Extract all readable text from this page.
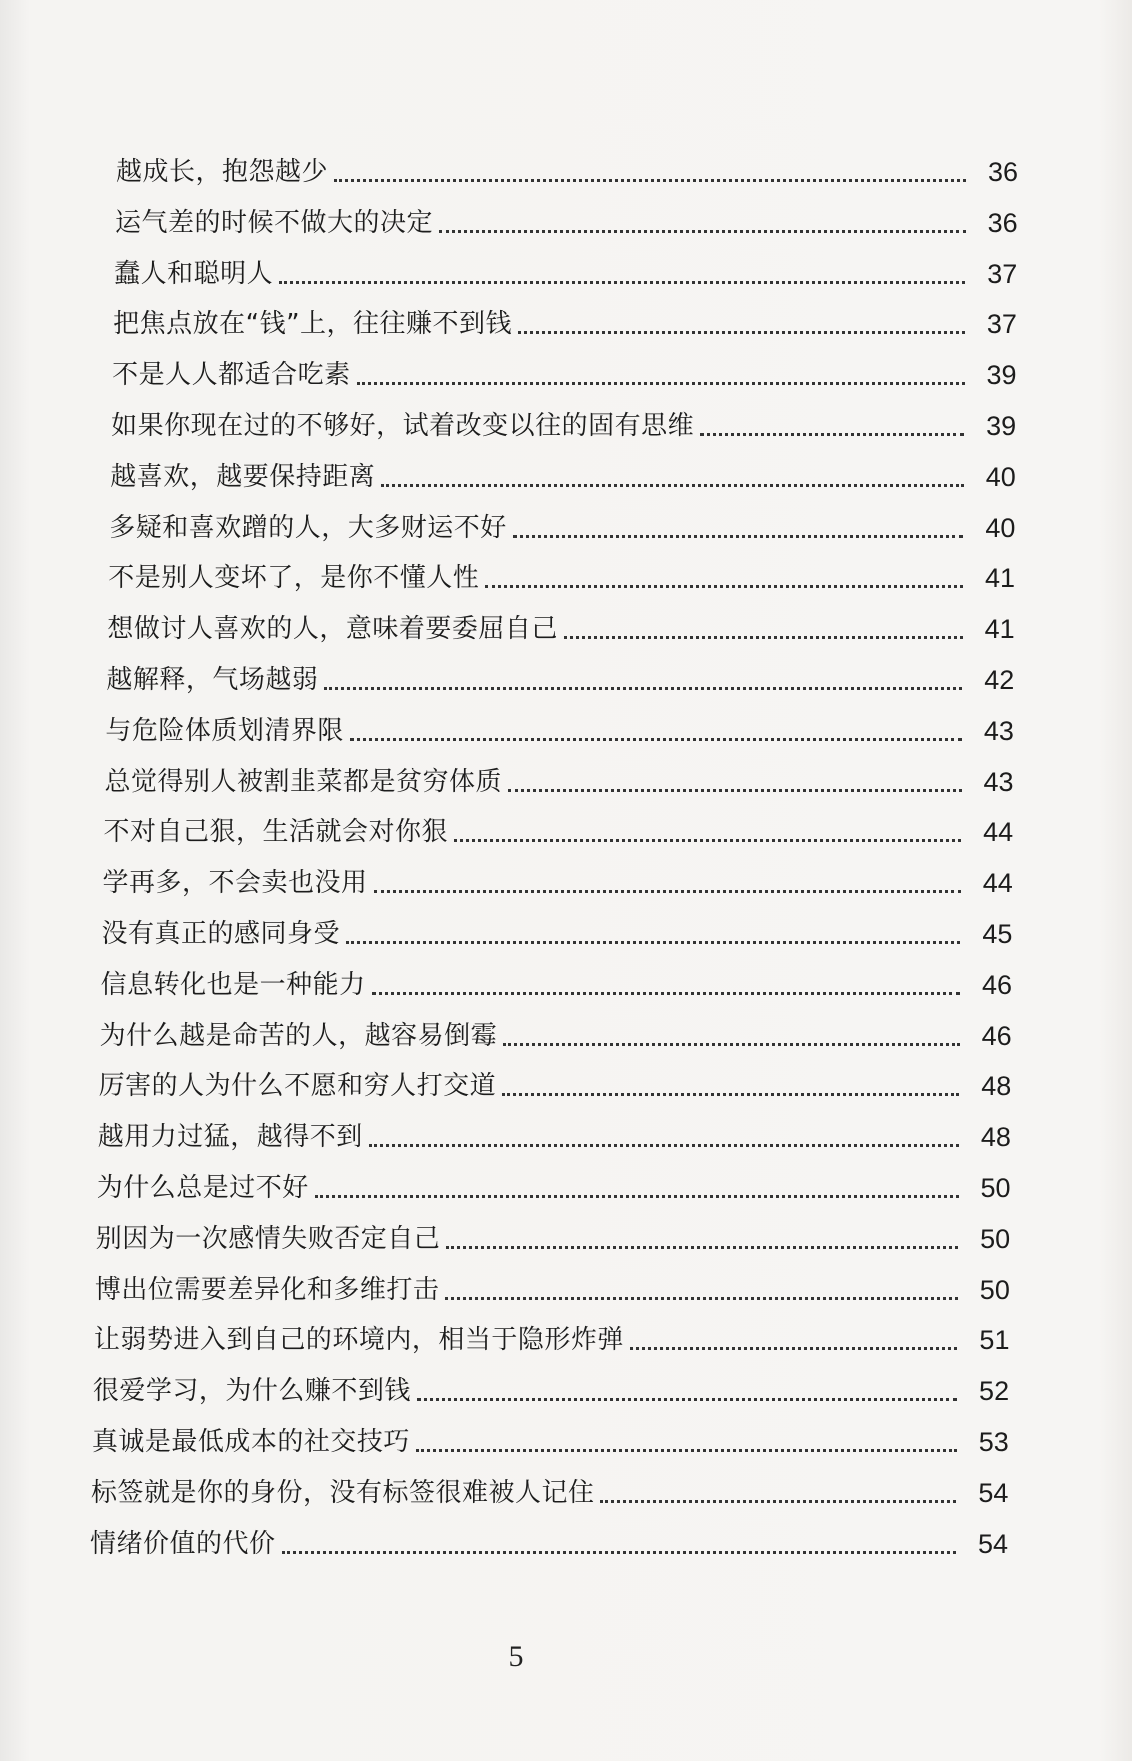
越成长，抱怨越少	36
运气差的时候不做大的决定	36
蠢人和聪明人	37
把焦点放在“钱”上，往往赚不到钱	37
不是人人都适合吃素	39
如果你现在过的不够好，试着改变以往的固有思维	39
越喜欢，越要保持距离	40
多疑和喜欢蹭的人，大多财运不好	40
不是别人变坏了，是你不懂人性	41
想做讨人喜欢的人，意味着要委屈自己	41
越解释，气场越弱	42
与危险体质划清界限	43
总觉得别人被割韭菜都是贫穷体质	43
不对自己狠，生活就会对你狠	44
学再多，不会卖也没用	44
没有真正的感同身受	45
信息转化也是一种能力	46
为什么越是命苦的人，越容易倒霉	46
厉害的人为什么不愿和穷人打交道	48
越用力过猛，越得不到	48
为什么总是过不好	50
别因为一次感情失败否定自己	50
博出位需要差异化和多维打击	50
让弱势进入到自己的环境内，相当于隐形炸弹	51
很爱学习，为什么赚不到钱	52
真诚是最低成本的社交技巧	53
标签就是你的身份，没有标签很难被人记住	54
情绪价值的代价	54
5
